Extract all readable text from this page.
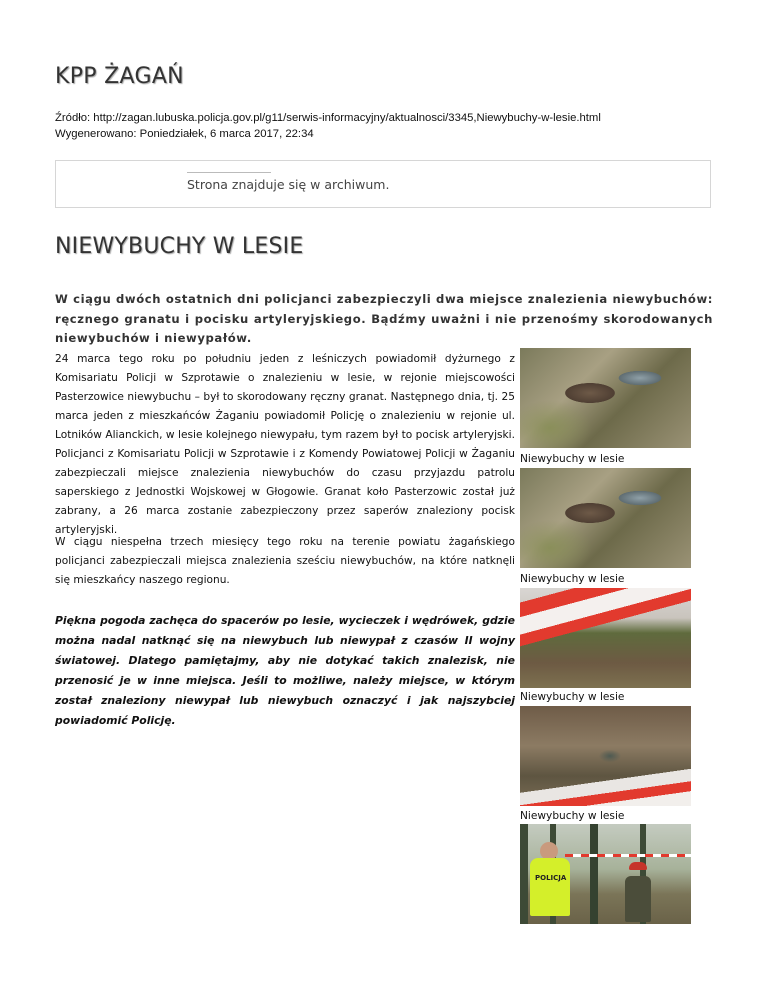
KPP ŻAGAŃ
Źródło: http://zagan.lubuska.policja.gov.pl/g11/serwis-informacyjny/aktualnosci/3345,Niewybuchy-w-lesie.html
Wygenerowano: Poniedziałek, 6 marca 2017, 22:34
Strona znajduje się w archiwum.
NIEWYBUCHY W LESIE

W ciągu dwóch ostatnich dni policjanci zabezpieczyli dwa miejsce znalezienia niewybuchów: ręcznego granatu i pocisku artyleryjskiego. Bądźmy uważni i nie przenośmy skorodowanych niewybuchów i niewypałów.

24 marca tego roku po południu jeden z leśniczych powiadomił dyżurnego z Komisariatu Policji w Szprotawie o znalezieniu w lesie, w rejonie miejscowości Pasterzowice niewybuchu – był to skorodowany ręczny granat. Następnego dnia, tj. 25 marca jeden z mieszkańców Żaganiu powiadomił Policję o znalezieniu w rejonie ul. Lotników Alianckich, w lesie kolejnego niewypału, tym razem był to pocisk artyleryjski. Policjanci z Komisariatu Policji w Szprotawie i z Komendy Powiatowej Policji w Żaganiu zabezpieczali miejsce znalezienia niewybuchów do czasu przyjazdu patrolu saperskiego z Jednostki Wojskowej w Głogowie. Granat koło Pasterzowic został już zabrany, a 26 marca zostanie zabezpieczony przez saperów znaleziony pocisk artyleryjski.

W ciągu niespełna trzech miesięcy tego roku na terenie powiatu żagańskiego policjanci zabezpieczali miejsca znalezienia sześciu niewybuchów, na które natknęli się mieszkańcy naszego regionu.

Piękna pogoda zachęca do spacerów po lesie, wycieczek i wędrówek, gdzie można nadal natknąć się na niewybuch lub niewypał z czasów II wojny światowej. Dlatego pamiętajmy, aby nie dotykać takich znalezisk, nie przenosić je w inne miejsca. Jeśli to możliwe, należy miejsce, w którym został znaleziony niewypał lub niewybuch oznaczyć i jak najszybciej powiadomić Policję.

Niewybuchy w lesie
Niewybuchy w lesie
Niewybuchy w lesie
Niewybuchy w lesie
POLICJA
